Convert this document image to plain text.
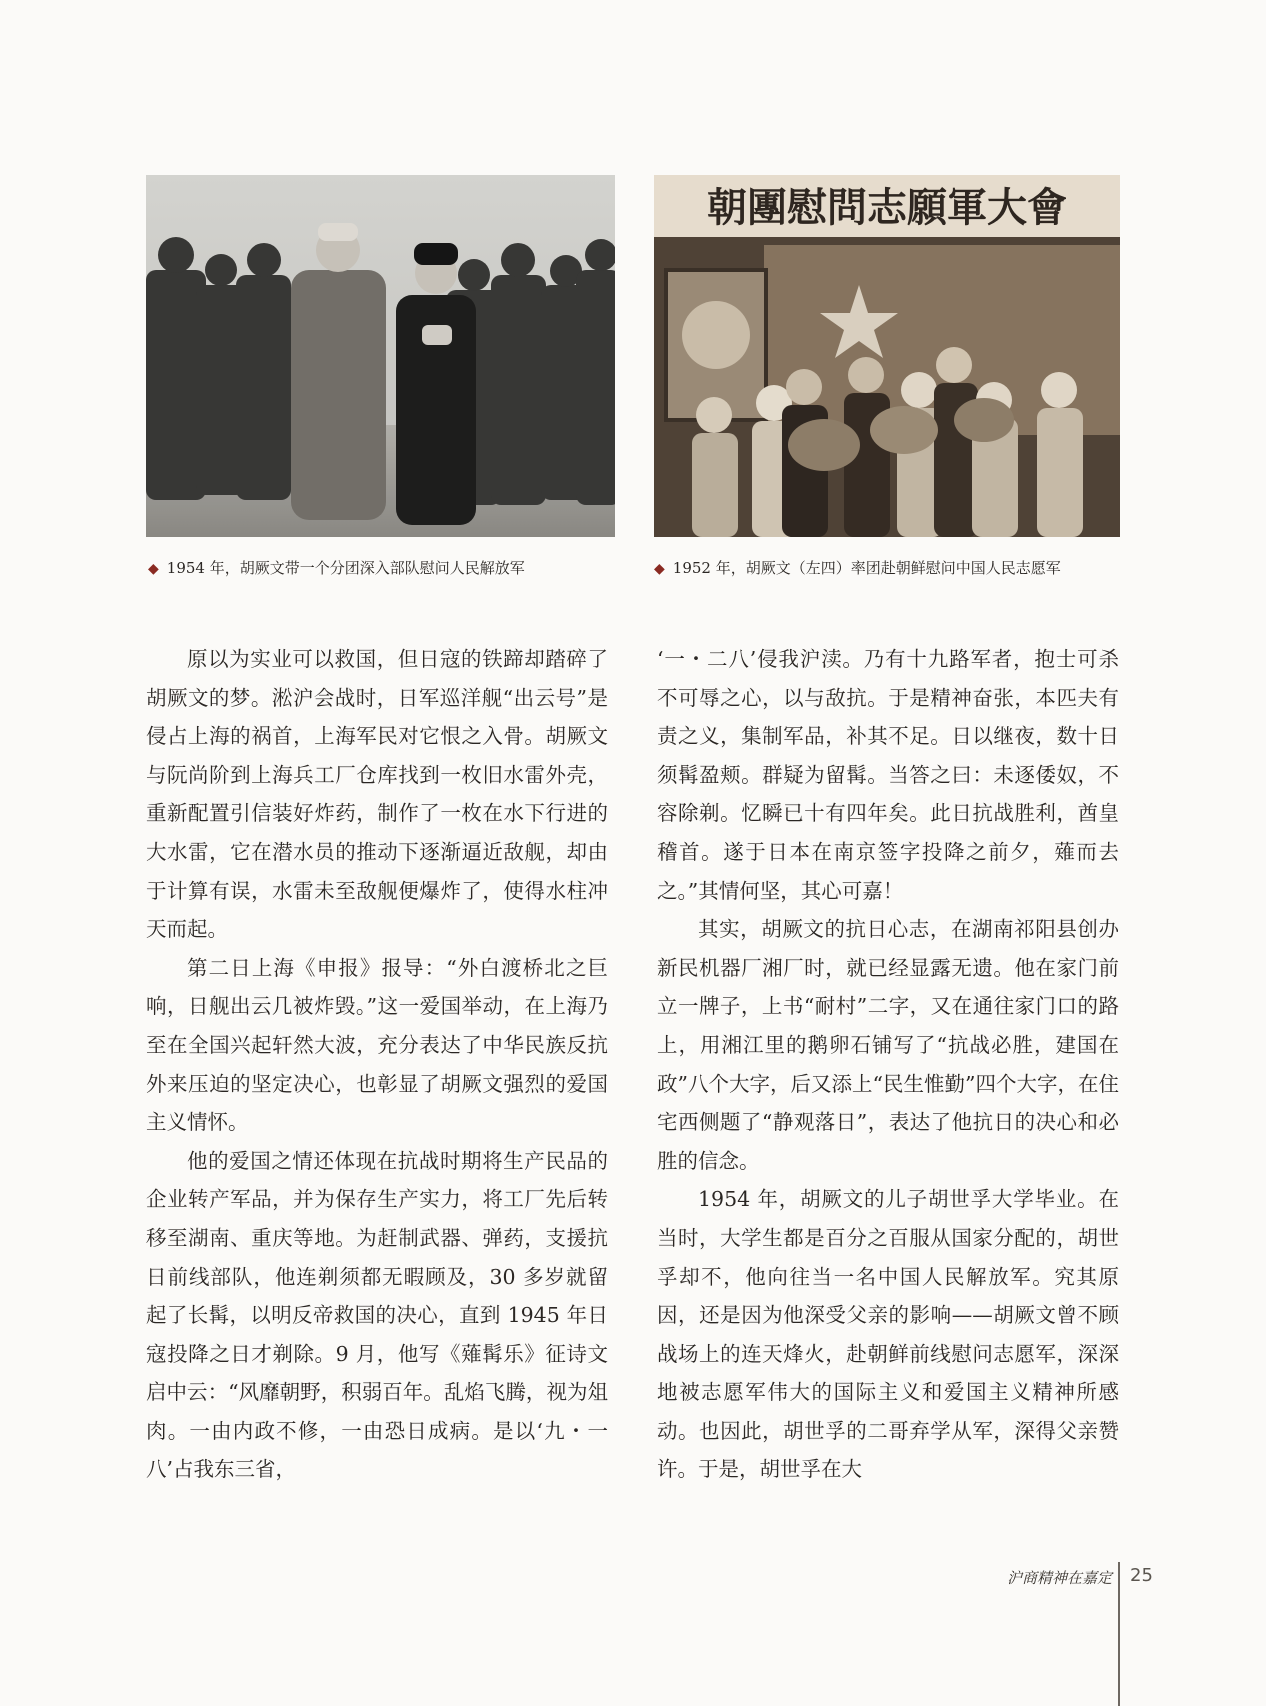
朝團慰問志願軍大會
◆ 1954 年，胡厥文带一个分团深入部队慰问人民解放军	◆ 1952 年，胡厥文（左四）率团赴朝鲜慰问中国人民志愿军

原以为实业可以救国，但日寇的铁蹄却踏碎了胡厥文的梦。淞沪会战时，日军巡洋舰“出云号”是侵占上海的祸首，上海军民对它恨之入骨。胡厥文与阮尚阶到上海兵工厂仓库找到一枚旧水雷外壳，重新配置引信装好炸药，制作了一枚在水下行进的大水雷，它在潜水员的推动下逐渐逼近敌舰，却由于计算有误，水雷未至敌舰便爆炸了，使得水柱冲天而起。

第二日上海《申报》报导：“外白渡桥北之巨响，日舰出云几被炸毁。”这一爱国举动，在上海乃至在全国兴起轩然大波，充分表达了中华民族反抗外来压迫的坚定决心，也彰显了胡厥文强烈的爱国主义情怀。

他的爱国之情还体现在抗战时期将生产民品的企业转产军品，并为保存生产实力，将工厂先后转移至湖南、重庆等地。为赶制武器、弹药，支援抗日前线部队，他连剃须都无暇顾及，30 多岁就留起了长髯，以明反帝救国的决心，直到 1945 年日寇投降之日才剃除。9 月，他写《薙髯乐》征诗文启中云：“风靡朝野，积弱百年。乱焰飞腾，视为俎肉。一由内政不修，一由恐日成病。是以‘九・一八’占我东三省，

‘一・二八’侵我沪渎。乃有十九路军者，抱士可杀不可辱之心，以与敌抗。于是精神奋张，本匹夫有责之义，集制军品，补其不足。日以继夜，数十日须髯盈颊。群疑为留髯。当答之曰：未逐倭奴，不容除剃。忆瞬已十有四年矣。此日抗战胜利，酋皇稽首。遂于日本在南京签字投降之前夕，薙而去之。”其情何坚，其心可嘉！

其实，胡厥文的抗日心志，在湖南祁阳县创办新民机器厂湘厂时，就已经显露无遗。他在家门前立一牌子，上书“耐村”二字，又在通往家门口的路上，用湘江里的鹅卵石铺写了“抗战必胜，建国在政”八个大字，后又添上“民生惟勤”四个大字，在住宅西侧题了“静观落日”，表达了他抗日的决心和必胜的信念。

1954 年，胡厥文的儿子胡世孚大学毕业。在当时，大学生都是百分之百服从国家分配的，胡世孚却不，他向往当一名中国人民解放军。究其原因，还是因为他深受父亲的影响——胡厥文曾不顾战场上的连天烽火，赴朝鲜前线慰问志愿军，深深地被志愿军伟大的国际主义和爱国主义精神所感动。也因此，胡世孚的二哥弃学从军，深得父亲赞许。于是，胡世孚在大

沪商精神在嘉定 25
